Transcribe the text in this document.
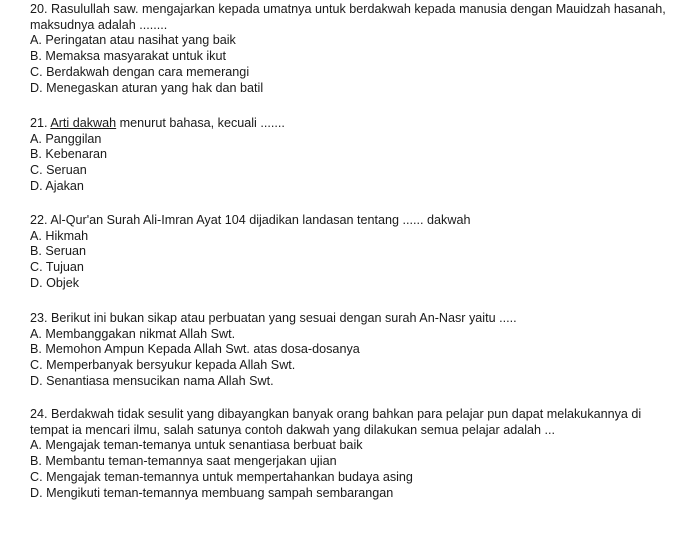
20. Rasulullah saw. mengajarkan kepada umatnya untuk berdakwah kepada manusia dengan Mauidzah hasanah, maksudnya adalah ........

A. Peringatan atau nasihat yang baik
B. Memaksa masyarakat untuk ikut
C. Berdakwah dengan cara memerangi
D. Menegaskan aturan yang hak dan batil

21. Arti dakwah menurut bahasa, kecuali .......

A. Panggilan
B. Kebenaran
C. Seruan
D. Ajakan

22. Al-Qur'an Surah Ali-Imran Ayat 104 dijadikan landasan tentang ...... dakwah

A. Hikmah
B. Seruan
C. Tujuan
D. Objek

23. Berikut ini bukan sikap atau perbuatan yang sesuai dengan surah An-Nasr yaitu .....

A. Membanggakan nikmat Allah Swt.
B. Memohon Ampun Kepada Allah Swt. atas dosa-dosanya
C. Memperbanyak bersyukur kepada Allah Swt.
D. Senantiasa mensucikan nama Allah Swt.

24. Berdakwah tidak sesulit yang dibayangkan banyak orang bahkan para pelajar pun dapat melakukannya di tempat ia mencari ilmu, salah satunya contoh dakwah yang dilakukan semua pelajar adalah ...

A. Mengajak teman-temanya untuk senantiasa berbuat baik
B. Membantu teman-temannya saat mengerjakan ujian
C. Mengajak teman-temannya untuk mempertahankan budaya asing
D. Mengikuti teman-temannya membuang sampah sembarangan
